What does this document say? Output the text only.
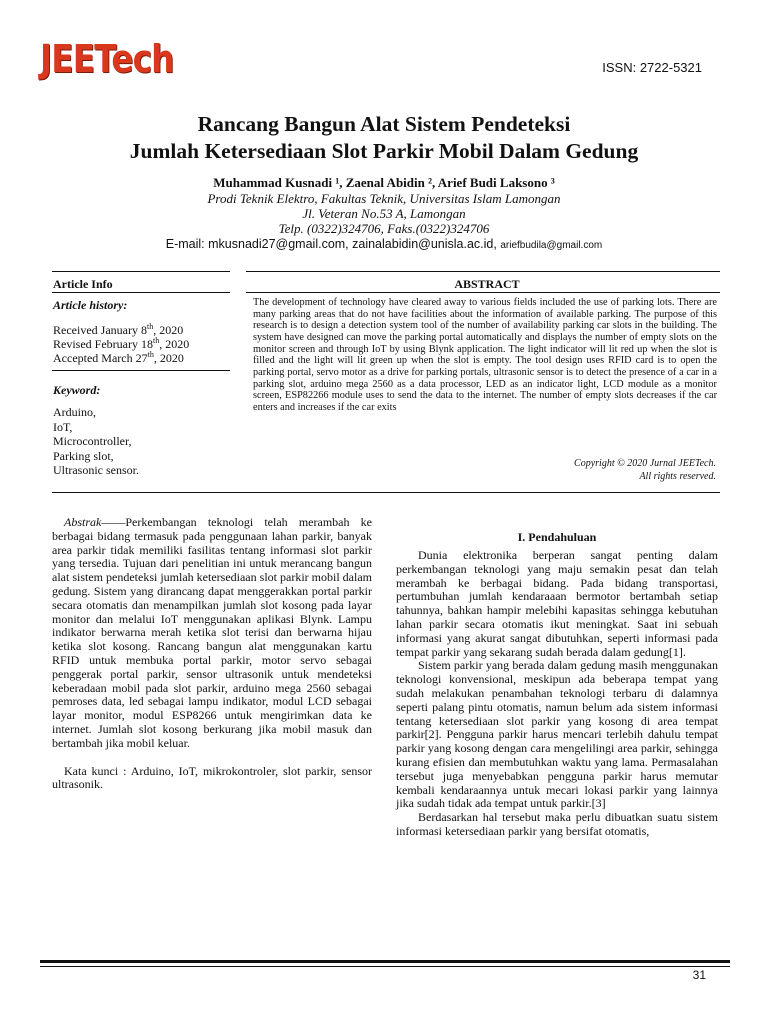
JEETech	ISSN: 2722-5321
Rancang Bangun Alat Sistem Pendeteksi
Jumlah Ketersediaan Slot Parkir Mobil Dalam Gedung
Muhammad Kusnadi ¹, Zaenal Abidin ², Arief Budi Laksono ³
Prodi Teknik Elektro, Fakultas Teknik, Universitas Islam Lamongan
Jl. Veteran No.53 A, Lamongan
Telp. (0322)324706, Faks.(0322)324706
E-mail: mkusnadi27@gmail.com, zainalabidin@unisla.ac.id, ariefbudila@gmail.com
Article Info
Article history:
Received January 8th, 2020
Revised February 18th, 2020
Accepted March 27th, 2020
Keyword:
Arduino,
IoT,
Microcontroller,
Parking slot,
Ultrasonic sensor.
ABSTRACT
The development of technology have cleared away to various fields included the use of parking lots. There are many parking areas that do not have facilities about the information of available parking. The purpose of this research is to design a detection system tool of the number of availability parking car slots in the building. The system have designed can move the parking portal automatically and displays the number of empty slots on the monitor screen and through IoT by using Blynk application. The light indicator will lit red up when the slot is filled and the light will lit green up when the slot is empty. The tool design uses RFID card is to open the parking portal, servo motor as a drive for parking portals, ultrasonic sensor is to detect the presence of a car in a parking slot, arduino mega 2560 as a data processor, LED as an indicator light, LCD module as a monitor screen, ESP82266 module uses to send the data to the internet. The number of empty slots decreases if the car enters and increases if the car exits
Copyright © 2020 Jurnal JEETech.
All rights reserved.

Abstrak——Perkembangan teknologi telah merambah ke berbagai bidang termasuk pada penggunaan lahan parkir, banyak area parkir tidak memiliki fasilitas tentang informasi slot parkir yang tersedia. Tujuan dari penelitian ini untuk merancang bangun alat sistem pendeteksi jumlah ketersediaan slot parkir mobil dalam gedung. Sistem yang dirancang dapat menggerakkan portal parkir secara otomatis dan menampilkan jumlah slot kosong pada layar monitor dan melalui IoT menggunakan aplikasi Blynk. Lampu indikator berwarna merah ketika slot terisi dan berwarna hijau ketika slot kosong. Rancang bangun alat menggunakan kartu RFID untuk membuka portal parkir, motor servo sebagai penggerak portal parkir, sensor ultrasonik untuk mendeteksi keberadaan mobil pada slot parkir, arduino mega 2560 sebagai pemroses data, led sebagai lampu indikator, modul LCD sebagai layar monitor, modul ESP8266 untuk mengirimkan data ke internet. Jumlah slot kosong berkurang jika mobil masuk dan bertambah jika mobil keluar.

Kata kunci : Arduino, IoT, mikrokontroler, slot parkir, sensor ultrasonik.

I. Pendahuluan

Dunia elektronika berperan sangat penting dalam perkembangan teknologi yang maju semakin pesat dan telah merambah ke berbagai bidang. Pada bidang transportasi, pertumbuhan jumlah kendaraaan bermotor bertambah setiap tahunnya, bahkan hampir melebihi kapasitas sehingga kebutuhan lahan parkir secara otomatis ikut meningkat. Saat ini sebuah informasi yang akurat sangat dibutuhkan, seperti informasi pada tempat parkir yang sekarang sudah berada dalam gedung[1].

Sistem parkir yang berada dalam gedung masih menggunakan teknologi konvensional, meskipun ada beberapa tempat yang sudah melakukan penambahan teknologi terbaru di dalamnya seperti palang pintu otomatis, namun belum ada sistem informasi tentang ketersediaan slot parkir yang kosong di area tempat parkir[2]. Pengguna parkir harus mencari terlebih dahulu tempat parkir yang kosong dengan cara mengelilingi area parkir, sehingga kurang efisien dan membutuhkan waktu yang lama. Permasalahan tersebut juga menyebabkan pengguna parkir harus memutar kembali kendaraannya untuk mecari lokasi parkir yang lainnya jika sudah tidak ada tempat untuk parkir.[3]

Berdasarkan hal tersebut maka perlu dibuatkan suatu sistem informasi ketersediaan parkir yang bersifat otomatis,

31
